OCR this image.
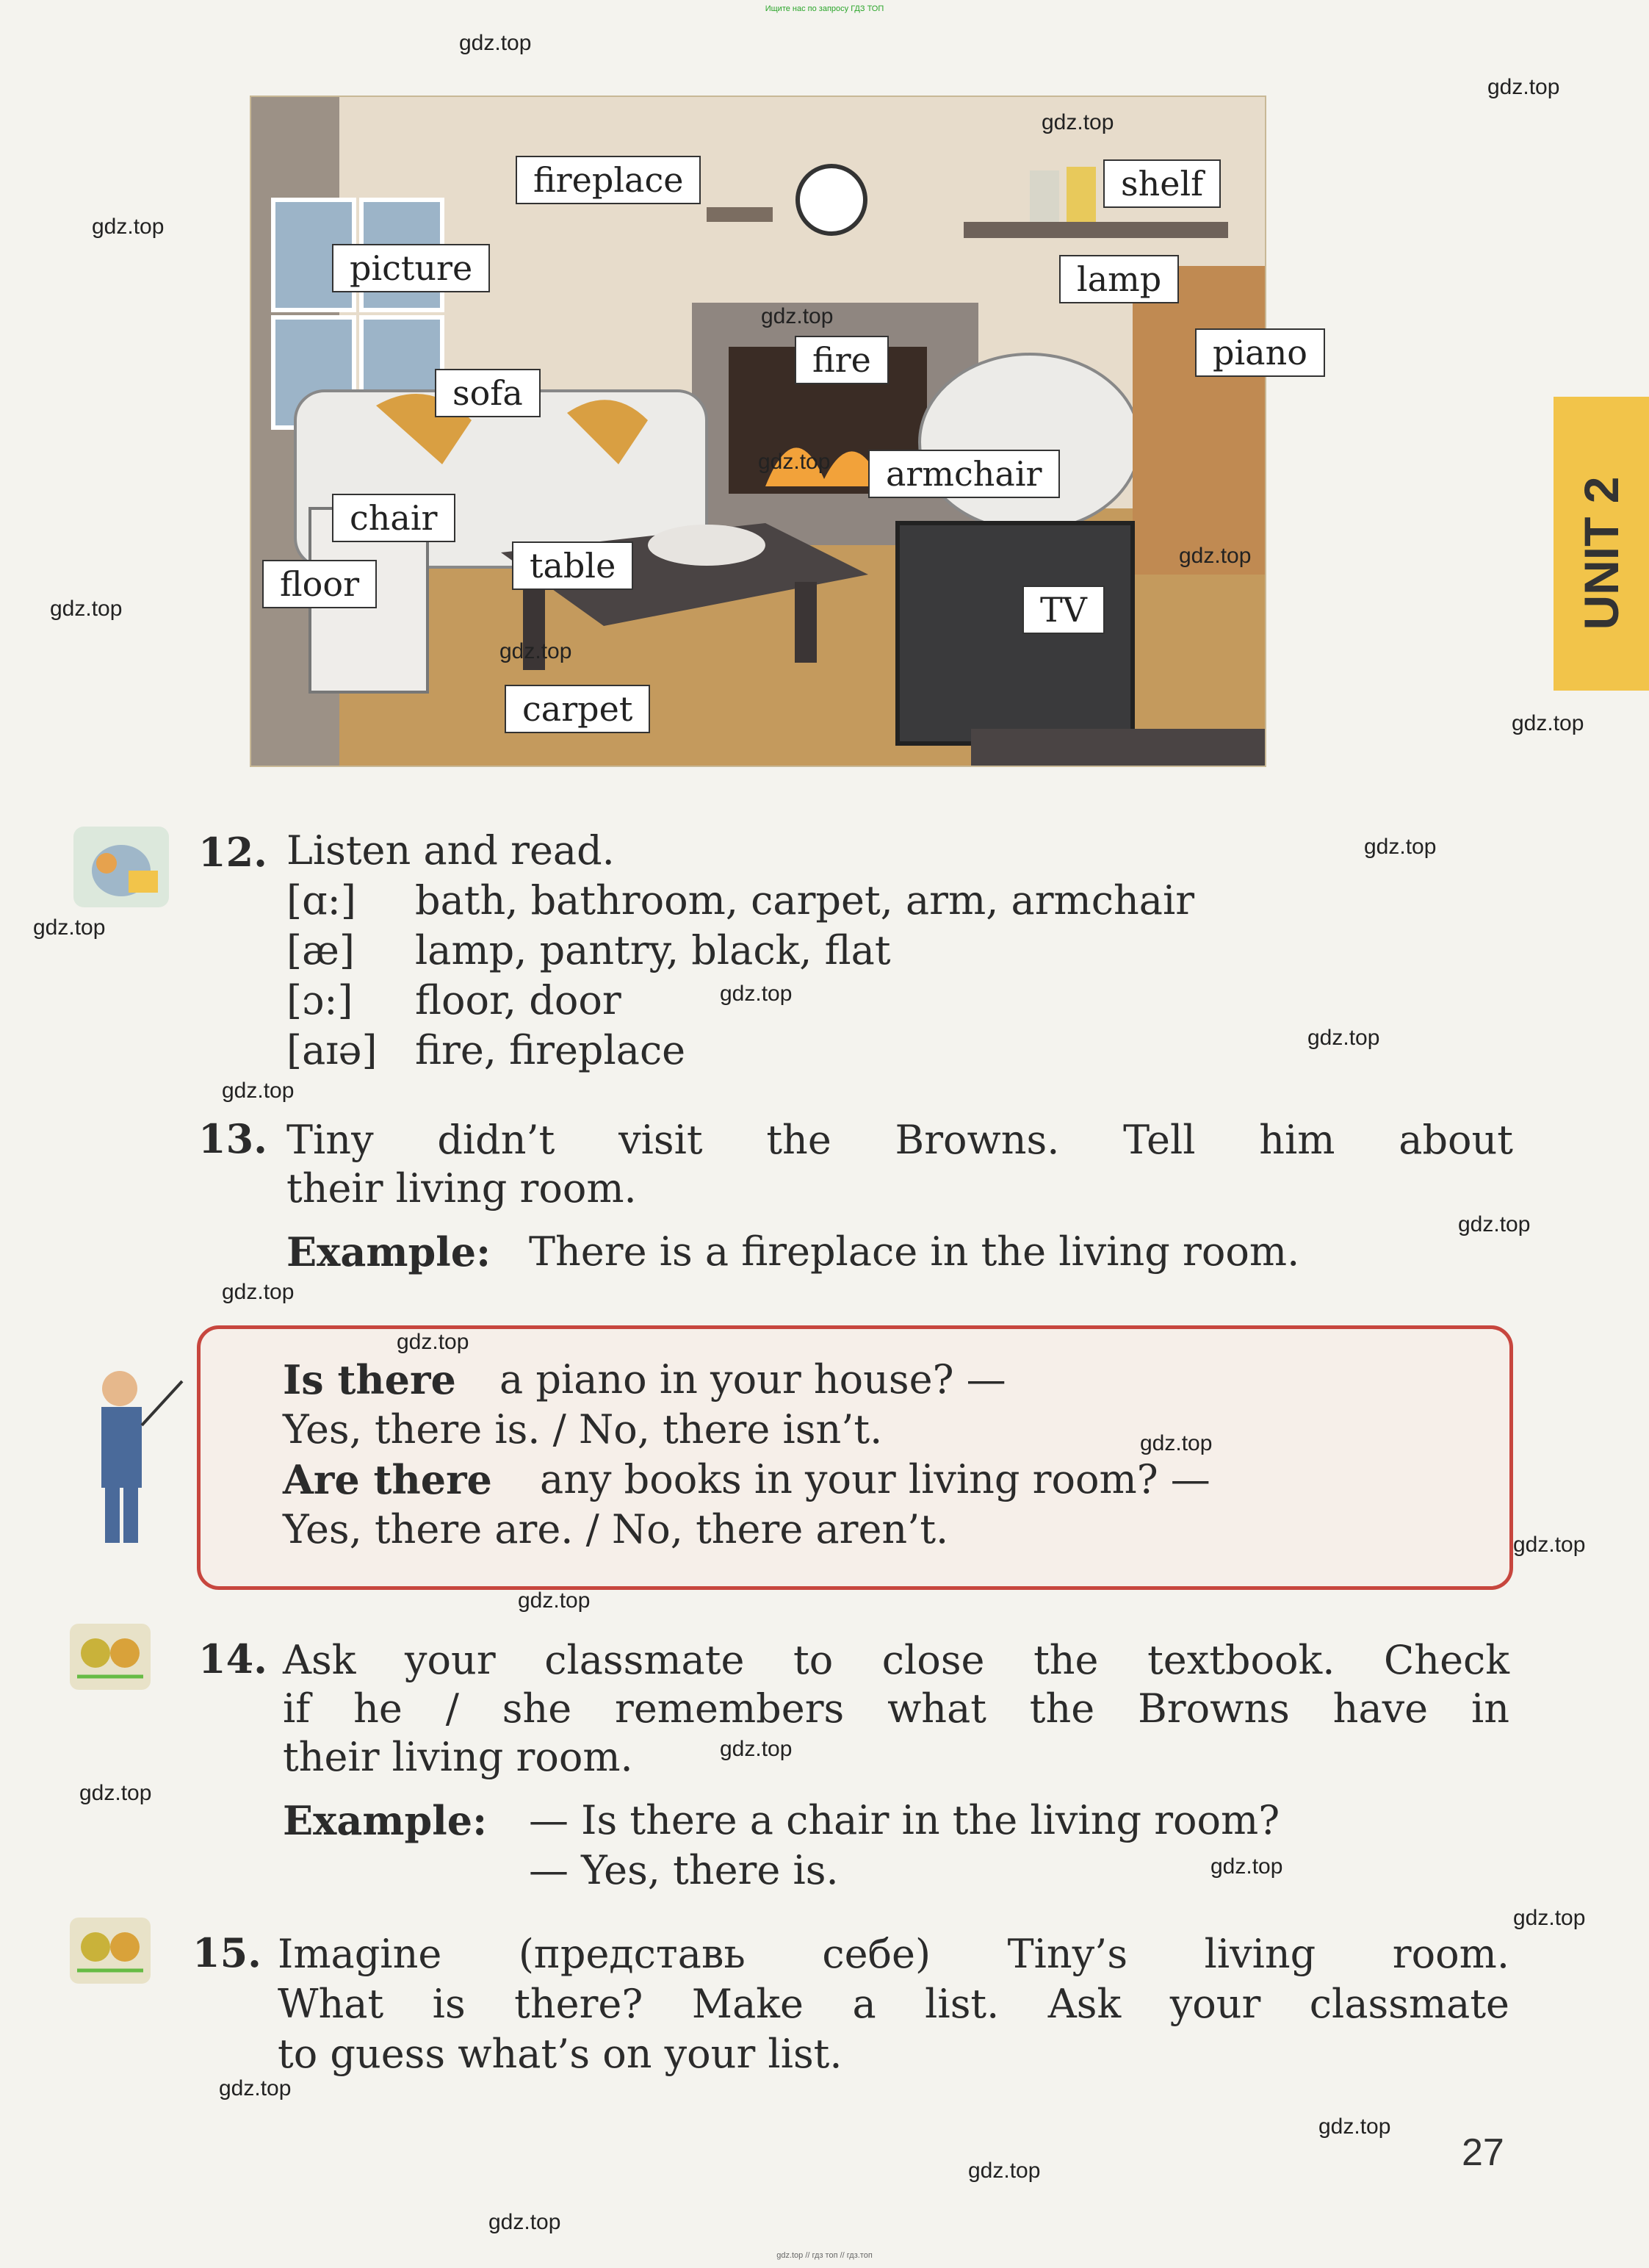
Ищите нас по запросу ГДЗ ТОП
fireplace	shelf
picture	lamp
fire	piano
sofa
armchair
chair
table
floor
TV
carpet
UNIT 2
12. Listen and read.
[ɑ:] bath, bathroom, carpet, arm, armchair
[æ] lamp, pantry, black, flat
[ɔ:] floor, door
[aɪə] fire, fireplace
13. Tiny didn’t visit the Browns. Tell him about
their living room.
Example: There is a fireplace in the living room.
Is there a piano in your house? —
Yes, there is. / No, there isn’t.
Are there any books in your living room? —
Yes, there are. / No, there aren’t.
14. Ask your classmate to close the textbook. Check
if he / she remembers what the Browns have in
their living room.
Example: — Is there a chair in the living room?
— Yes, there is.
15. Imagine (представь себе) Tiny’s living room.
What is there? Make a list. Ask your classmate
to guess what’s on your list.
27
gdz.top
gdz.top
gdz.top
gdz.top
gdz.top
gdz.top
gdz.top
gdz.top
gdz.top
gdz.top
gdz.top
gdz.top
gdz.top
gdz.top
gdz.top
gdz.top
gdz.top
gdz.top
gdz.top
gdz.top
gdz.top
gdz.top
gdz.top
gdz.top
gdz.top
gdz.top
gdz.top
gdz.top
gdz.top
gdz.top // гдз топ // гдз.топ
